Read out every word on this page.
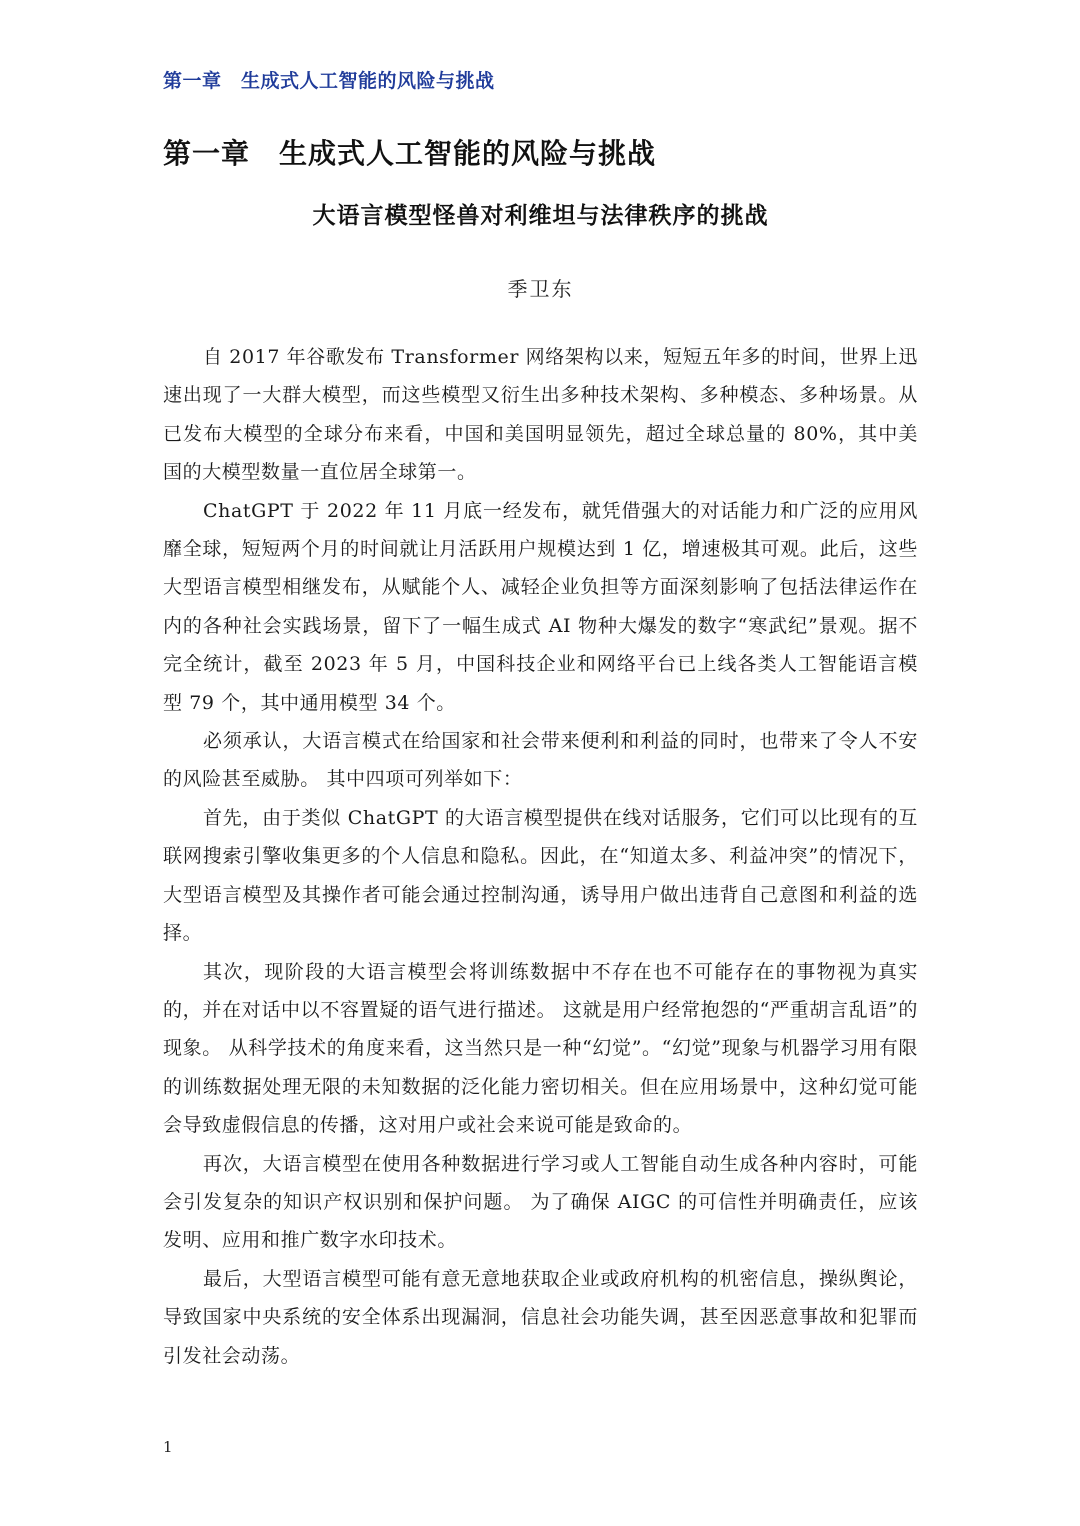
第一章　生成式人工智能的风险与挑战
第一章　生成式人工智能的风险与挑战
大语言模型怪兽对利维坦与法律秩序的挑战
季卫东

自 2017 年谷歌发布 Transformer 网络架构以来，短短五年多的时间，世界上迅速出现了一大群大模型，而这些模型又衍生出多种技术架构、多种模态、多种场景。从已发布大模型的全球分布来看，中国和美国明显领先，超过全球总量的 80%，其中美国的大模型数量一直位居全球第一。

ChatGPT 于 2022 年 11 月底一经发布，就凭借强大的对话能力和广泛的应用风靡全球，短短两个月的时间就让月活跃用户规模达到 1 亿，增速极其可观。此后，这些大型语言模型相继发布，从赋能个人、减轻企业负担等方面深刻影响了包括法律运作在内的各种社会实践场景，留下了一幅生成式 AI 物种大爆发的数字“寒武纪”景观。据不完全统计，截至 2023 年 5 月，中国科技企业和网络平台已上线各类人工智能语言模型 79 个，其中通用模型 34 个。

必须承认，大语言模式在给国家和社会带来便利和利益的同时，也带来了令人不安的风险甚至威胁。 其中四项可列举如下：

首先，由于类似 ChatGPT 的大语言模型提供在线对话服务，它们可以比现有的互联网搜索引擎收集更多的个人信息和隐私。因此，在“知道太多、利益冲突”的情况下，大型语言模型及其操作者可能会通过控制沟通，诱导用户做出违背自己意图和利益的选择。

其次，现阶段的大语言模型会将训练数据中不存在也不可能存在的事物视为真实的，并在对话中以不容置疑的语气进行描述。 这就是用户经常抱怨的“严重胡言乱语”的现象。 从科学技术的角度来看，这当然只是一种“幻觉”。“幻觉”现象与机器学习用有限的训练数据处理无限的未知数据的泛化能力密切相关。但在应用场景中，这种幻觉可能会导致虚假信息的传播，这对用户或社会来说可能是致命的。

再次，大语言模型在使用各种数据进行学习或人工智能自动生成各种内容时，可能会引发复杂的知识产权识别和保护问题。 为了确保 AIGC 的可信性并明确责任，应该发明、应用和推广数字水印技术。

最后，大型语言模型可能有意无意地获取企业或政府机构的机密信息，操纵舆论，导致国家中央系统的安全体系出现漏洞，信息社会功能失调，甚至因恶意事故和犯罪而引发社会动荡。

1
